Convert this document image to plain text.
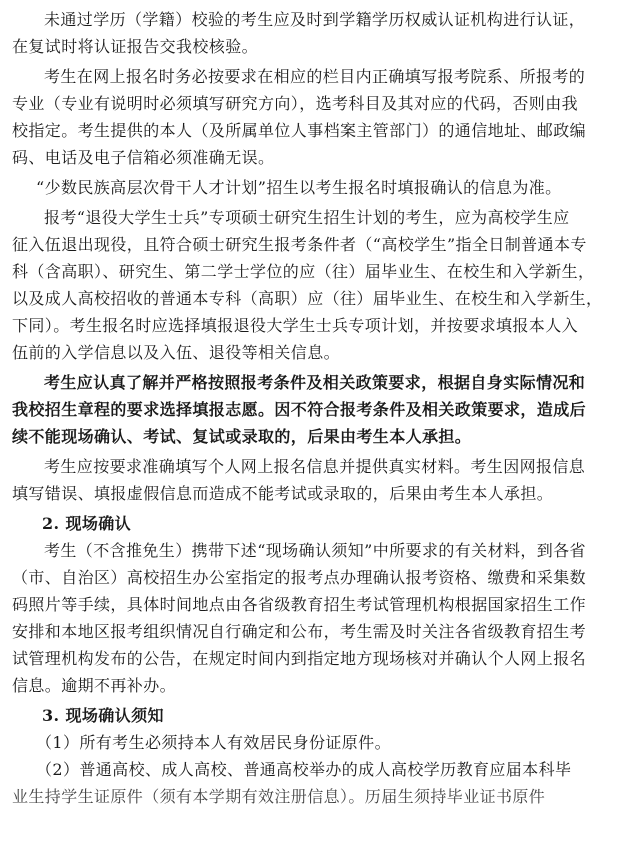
未通过学历（学籍）校验的考生应及时到学籍学历权威认证机构进行认证，
在复试时将认证报告交我校核验。
考生在网上报名时务必按要求在相应的栏目内正确填写报考院系、所报考的
专业（专业有说明时必须填写研究方向），选考科目及其对应的代码，否则由我
校指定。考生提供的本人（及所属单位人事档案主管部门）的通信地址、邮政编
码、电话及电子信箱必须准确无误。
“少数民族高层次骨干人才计划”招生以考生报名时填报确认的信息为准。
报考“退役大学生士兵”专项硕士研究生招生计划的考生，应为高校学生应
征入伍退出现役，且符合硕士研究生报考条件者（“高校学生”指全日制普通本专
科（含高职）、研究生、第二学士学位的应（往）届毕业生、在校生和入学新生，
以及成人高校招收的普通本专科（高职）应（往）届毕业生、在校生和入学新生，
下同）。考生报名时应选择填报退役大学生士兵专项计划，并按要求填报本人入
伍前的入学信息以及入伍、退役等相关信息。
考生应认真了解并严格按照报考条件及相关政策要求，根据自身实际情况和
我校招生章程的要求选择填报志愿。因不符合报考条件及相关政策要求，造成后
续不能现场确认、考试、复试或录取的，后果由考生本人承担。
考生应按要求准确填写个人网上报名信息并提供真实材料。考生因网报信息
填写错误、填报虚假信息而造成不能考试或录取的，后果由考生本人承担。
2. 现场确认
考生（不含推免生）携带下述“现场确认须知”中所要求的有关材料，到各省
（市、自治区）高校招生办公室指定的报考点办理确认报考资格、缴费和采集数
码照片等手续，具体时间地点由各省级教育招生考试管理机构根据国家招生工作
安排和本地区报考组织情况自行确定和公布，考生需及时关注各省级教育招生考
试管理机构发布的公告，在规定时间内到指定地方现场核对并确认个人网上报名
信息。逾期不再补办。
3. 现场确认须知
（1）所有考生必须持本人有效居民身份证原件。
（2）普通高校、成人高校、普通高校举办的成人高校学历教育应届本科毕
业生持学生证原件（须有本学期有效注册信息）。历届生须持毕业证书原件
